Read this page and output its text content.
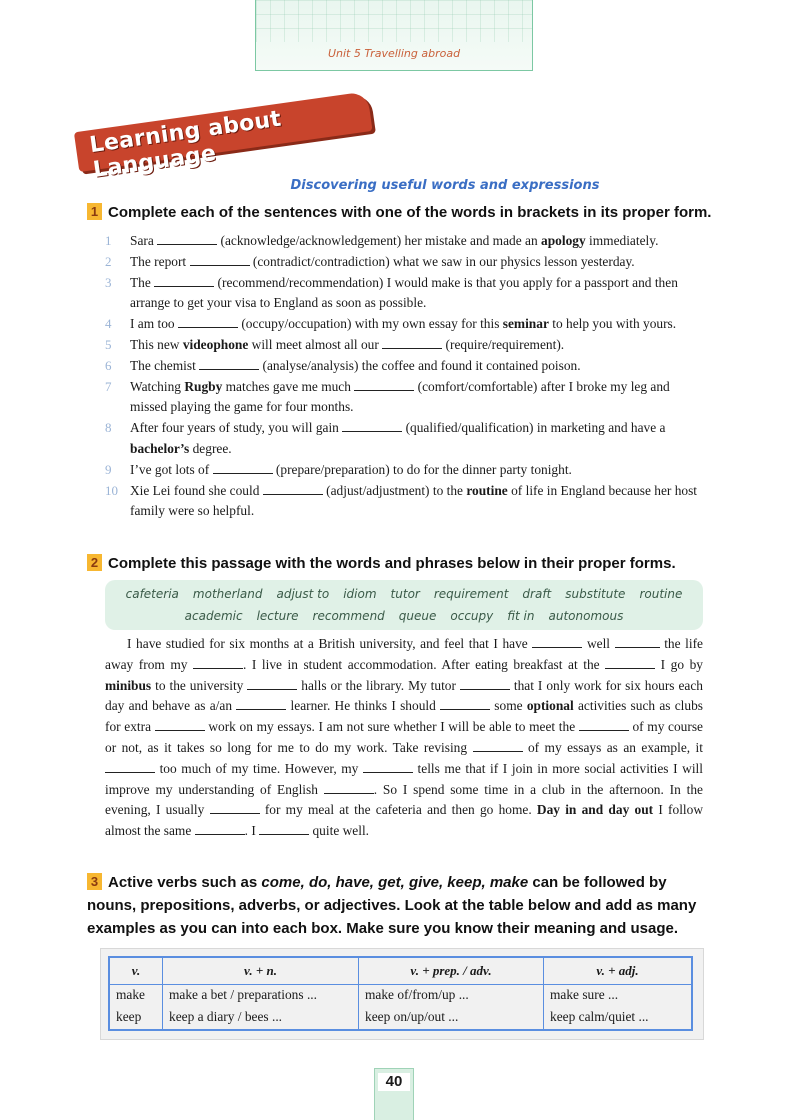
Unit 5 Travelling abroad
Learning about Language
Discovering useful words and expressions
1 Complete each of the sentences with one of the words in brackets in its proper form.
1	Sara	(acknowledge/acknowledgement) her mistake and made an apology immediately.
2	The report	(contradict/contradiction) what we saw in our physics lesson yesterday.
3	The	(recommend/recommendation) I would make is that you apply for a passport and then arrange to get your visa to England as soon as possible.
4	I am too	(occupy/occupation) with my own essay for this seminar to help you with yours.
5	This new videophone will meet almost all our	(require/requirement).
6	The chemist	(analyse/analysis) the coffee and found it contained poison.
7	Watching Rugby matches gave me much	(comfort/comfortable) after I broke my leg and missed playing the game for four months.
8	After four years of study, you will gain	(qualified/qualification) in marketing and have a bachelor’s degree.
9	I’ve got lots of	(prepare/preparation) to do for the dinner party tonight.
10 Xie Lei found she could	(adjust/adjustment) to the routine of life in England because her host family were so helpful.
2 Complete this passage with the words and phrases below in their proper forms.
cafeteria motherland adjust to idiom tutor requirement draft substitute routine
academic lecture recommend queue occupy fit in autonomous
I have studied for six months at a British university, and feel that I have	well	the life away from my	. I live in student accommodation. After eating breakfast at the	I go by minibus to the university	halls or the library. My tutor	that I only work for six hours each day and behave as a/an	learner. He thinks I should	some optional activities such as clubs for extra	work on my essays. I am not sure whether I will be able to meet the	of my course or not, as it takes so long for me to do my work. Take revising	of my essays as an example, it  too much of my time. However, my	tells me that if I join in more social activities I will improve my understanding of English	. So I spend some time in a club in the afternoon. In the evening, I usually	for my meal at the cafeteria and then go home. Day in and day out I follow almost the same	. I	quite well.
3 Active verbs such as come, do, have, get, give, keep, make can be followed by nouns, prepositions, adverbs, or adjectives. Look at the table below and add as many examples as you can into each box. Make sure you know their meaning and usage.
v.	v. + n.	v. + prep. / adv.	v. + adj.
make	make a bet / preparations ...	make of/from/up ...	make sure ...
keep	keep a diary / bees ...	keep on/up/out ...	keep calm/quiet ...
40
